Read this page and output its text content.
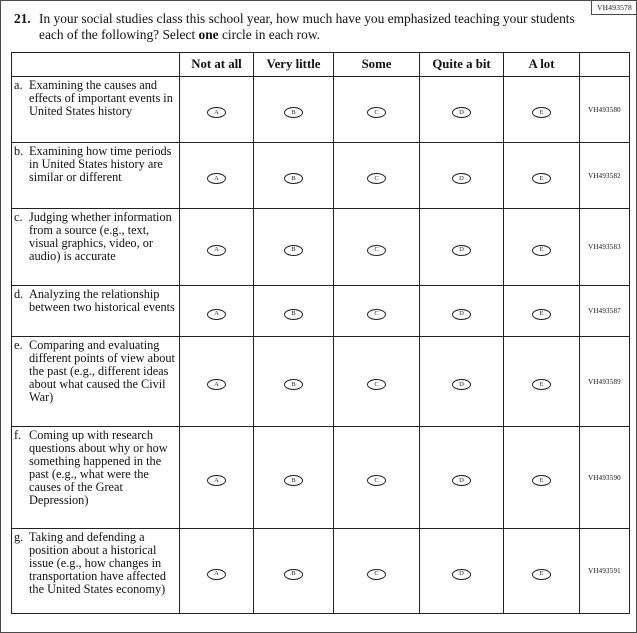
VH493578
21. In your social studies class this school year, how much have you emphasized teaching your students each of the following? Select one circle in each row.
	Not at all	Very little	Some	Quite a bit	A lot	

a. Examining the causes and effects of important events in United States history	A	B	C	D	E	VH493580

b. Examining how time periods in United States history are similar or different	A	B	C	D	E	VH493582

c. Judging whether information from a source (e.g., text, visual graphics, video, or audio) is accurate	A	B	C	D	E	VH493583

d. Analyzing the relationship between two historical events	A	B	C	D	E	VH493587

e. Comparing and evaluating different points of view about the past (e.g., different ideas about what caused the Civil War)	A	B	C	D	E	VH493589

f. Coming up with research questions about why or how something happened in the past (e.g., what were the causes of the Great Depression)	A	B	C	D	E	VH493590

g. Taking and defending a position about a historical issue (e.g., how changes in transportation have affected the United States economy)	A	B	C	D	E	VH493591
